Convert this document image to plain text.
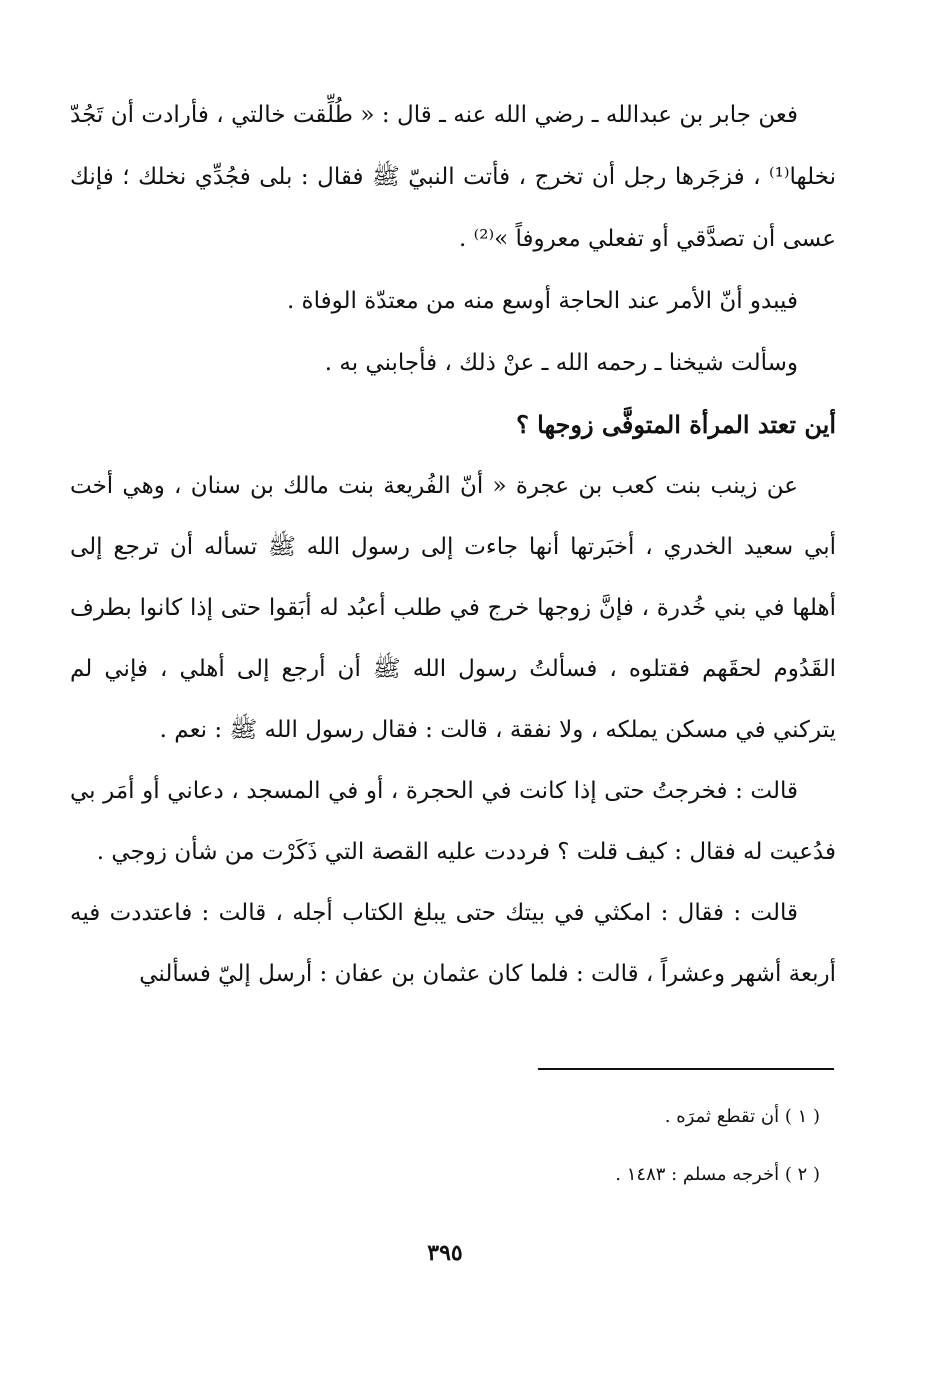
فعن جابر بن عبدالله ـ رضي الله عنه ـ قال : « طُلِّقت خالتي ، فأرادت أن تَجُدّ نخلها⁽¹⁾ ، فزجَرها رجل أن تخرج ، فأتت النبيّ ﷺ فقال : بلى فجُدِّي نخلك ؛ فإنك عسى أن تصدَّقي أو تفعلي معروفاً »⁽²⁾ .

فيبدو أنّ الأمر عند الحاجة أوسع منه من معتدّة الوفاة .

وسألت شيخنا ـ رحمه الله ـ عنْ ذلك ، فأجابني به .

أين تعتد المرأة المتوفَّى زوجها ؟

عن زينب بنت كعب بن عجرة « أنّ الفُريعة بنت مالك بن سنان ، وهي أخت أبي سعيد الخدري ، أخبَرتها أنها جاءت إلى رسول الله ﷺ تسأله أن ترجع إلى أهلها في بني خُدرة ، فإنَّ زوجها خرج في طلب أعبُد له أبَقوا حتى إذا كانوا بطرف القَدُوم لحقَهم فقتلوه ، فسألتُ رسول الله ﷺ أن أرجع إلى أهلي ، فإني لم يتركني في مسكن يملكه ، ولا نفقة ، قالت : فقال رسول الله ﷺ : نعم .

قالت : فخرجتُ حتى إذا كانت في الحجرة ، أو في المسجد ، دعاني أو أمَر بي فدُعيت له فقال : كيف قلت ؟ فرددت عليه القصة التي ذَكَرْت من شأن زوجي .

قالت : فقال : امكثي في بيتك حتى يبلغ الكتاب أجله ، قالت : فاعتددت فيه أربعة أشهر وعشراً ، قالت : فلما كان عثمان بن عفان : أرسل إليّ فسألني

( ١ ) أن تقطع ثمرَه .

( ٢ ) أخرجه مسلم : ١٤٨٣ .

٣٩٥
